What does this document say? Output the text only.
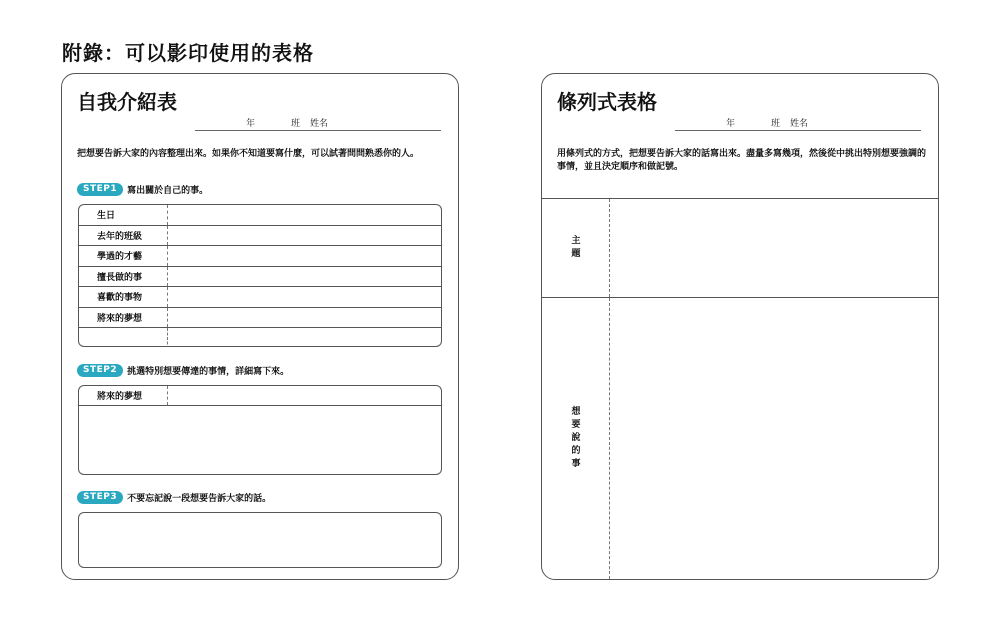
附錄：可以影印使用的表格
自我介紹表
年	班 姓名
把想要告訴大家的內容整理出來。如果你不知道要寫什麼，可以試著問問熟悉你的人。
STEP1	寫出關於自己的事。
生日
去年的班級
學過的才藝
擅長做的事
喜歡的事物
將來的夢想
STEP2	挑選特別想要傳達的事情，詳細寫下來。
將來的夢想
STEP3	不要忘記說一段想要告訴大家的話。
條列式表格
年	班 姓名
用條列式的方式，把想要告訴大家的話寫出來。盡量多寫幾項，然後從中挑出特別想要強調的事情，並且決定順序和做記號。
主題
想要說的事
